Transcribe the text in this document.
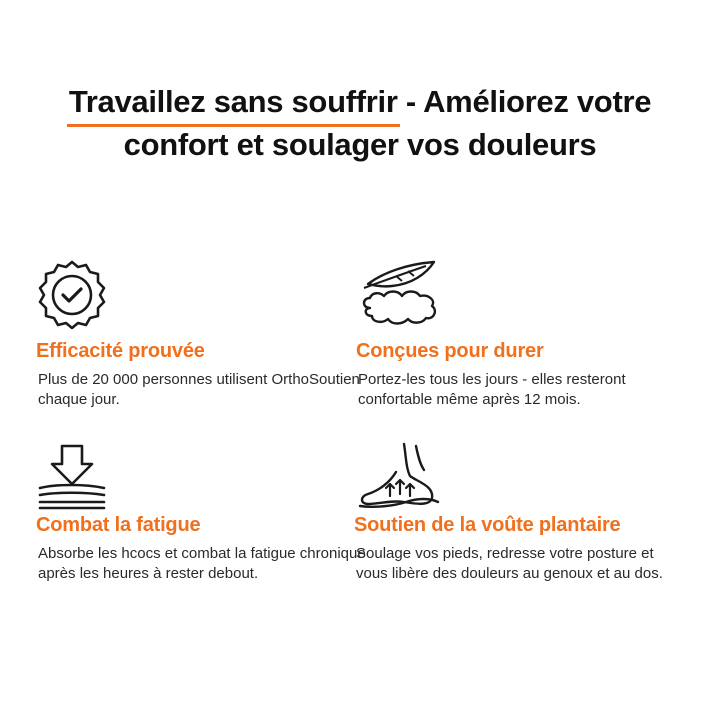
Travaillez sans souffrir
- Améliorez votre
confort et soulager vos douleurs
Efficacité prouvée

Plus de 20 000 personnes utilisent OrthoSoutien chaque jour.

Conçues pour durer

Portez-les tous les jours - elles resteront confortable même après 12 mois.

Combat la fatigue

Absorbe les hcocs et combat la fatigue chronique après les heures à rester debout.

Soutien de la voûte plantaire

Soulage vos pieds, redresse votre posture et vous libère des douleurs au genoux et au dos.
